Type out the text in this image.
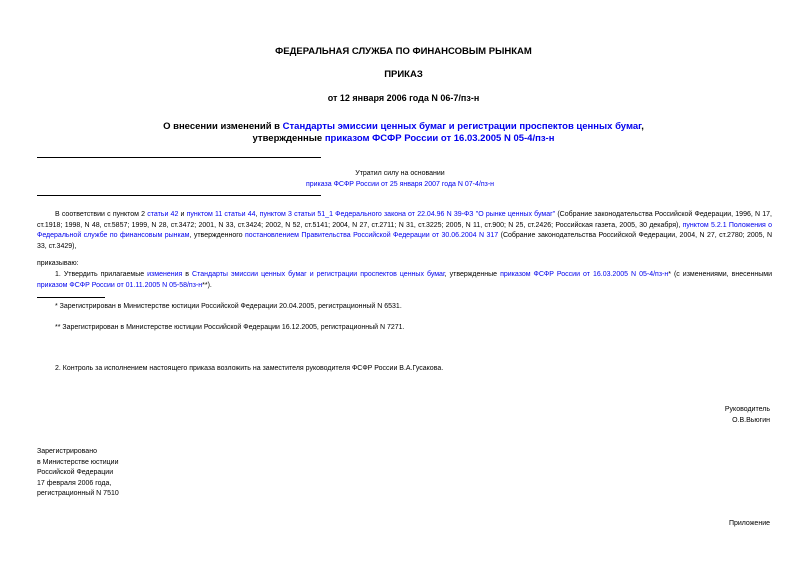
ФЕДЕРАЛЬНАЯ СЛУЖБА ПО ФИНАНСОВЫМ РЫНКАМ
ПРИКАЗ
от 12 января 2006 года N 06-7/пз-н
О внесении изменений в Стандарты эмиссии ценных бумаг и регистрации проспектов ценных бумаг,
утвержденные приказом ФСФР России от 16.03.2005 N 05-4/пз-н
Утратил силу на основании
приказа ФСФР России от 25 января 2007 года N 07-4/пз-н
В соответствии с пунктом 2 статьи 42 и пунктом 11 статьи 44, пунктом 3 статьи 51_1 Федерального закона от 22.04.96 N 39-ФЗ "О рынке ценных бумаг" (Собрание законодательства Российской Федерации, 1996, N 17, ст.1918; 1998, N 48, ст.5857; 1999, N 28, ст.3472; 2001, N 33, ст.3424; 2002, N 52, ст.5141; 2004, N 27, ст.2711; N 31, ст.3225; 2005, N 11, ст.900; N 25, ст.2426; Российская газета, 2005, 30 декабря), пунктом 5.2.1 Положения о Федеральной службе по финансовым рынкам, утвержденного постановлением Правительства Российской Федерации от 30.06.2004 N 317 (Собрание законодательства Российской Федерации, 2004, N 27, ст.2780; 2005, N 33, ст.3429),
приказываю:
1. Утвердить прилагаемые изменения в Стандарты эмиссии ценных бумаг и регистрации проспектов ценных бумаг, утвержденные приказом ФСФР России от 16.03.2005 N 05-4/пз-н* (с изменениями, внесенными приказом ФСФР России от 01.11.2005 N 05-58/пз-н**).
* Зарегистрирован в Министерстве юстиции Российской Федерации 20.04.2005, регистрационный N 6531.
** Зарегистрирован в Министерстве юстиции Российской Федерации 16.12.2005, регистрационный N 7271.
2. Контроль за исполнением настоящего приказа возложить на заместителя руководителя ФСФР России В.А.Гусакова.
Руководитель
О.В.Вьюгин
Зарегистрировано
в Министерстве юстиции
Российской Федерации
17 февраля 2006 года,
регистрационный N 7510
Приложение
